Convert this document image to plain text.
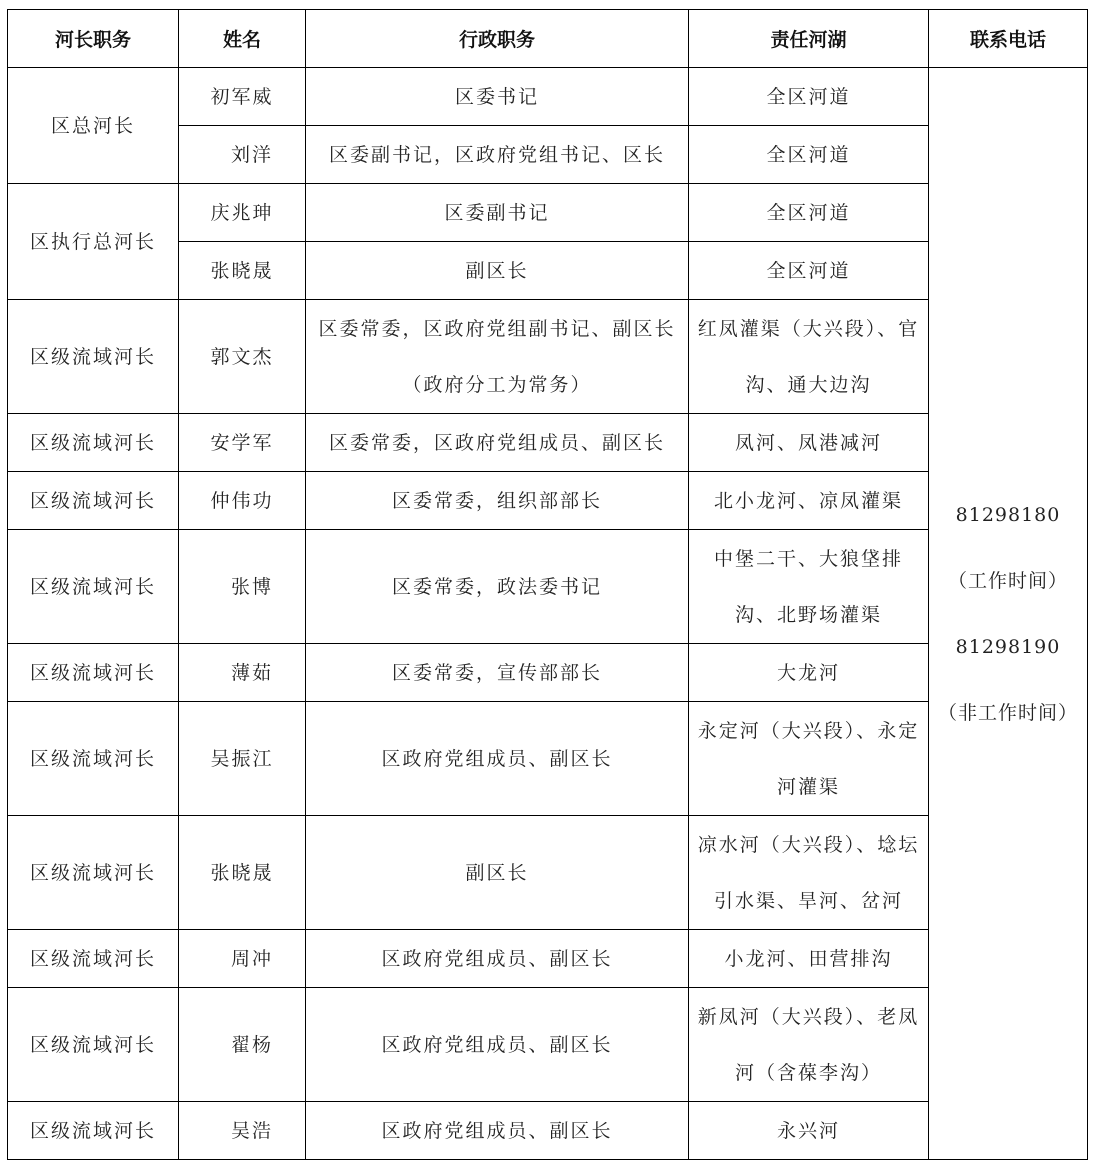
河长职务	姓名	行政职务	责任河湖	联系电话
区总河长	初军威	区委书记	全区河道	81298180
（工作时间）
81298190
（非工作时间）

	刘洋	区委副书记，区政府党组书记、区长	全区河道	
区执行总河长	庆兆珅	区委副书记	全区河道	
	张晓晟	副区长	全区河道	
区级流域河长	郭文杰	区委常委，区政府党组副书记、副区长（政府分工为常务）	红凤灌渠（大兴段）、官沟、通大边沟	
区级流域河长	安学军	区委常委，区政府党组成员、副区长	凤河、凤港减河	
区级流域河长	仲伟功	区委常委，组织部部长	北小龙河、凉凤灌渠	
区级流域河长	张博	区委常委，政法委书记	中堡二干、大狼垡排沟、北野场灌渠	
区级流域河长	薄茹	区委常委，宣传部部长	大龙河	
区级流域河长	吴振江	区政府党组成员、副区长	永定河（大兴段）、永定河灌渠	
区级流域河长	张晓晟	副区长	凉水河（大兴段）、埝坛引水渠、旱河、岔河	
区级流域河长	周冲	区政府党组成员、副区长	小龙河、田营排沟	
区级流域河长	翟杨	区政府党组成员、副区长	新凤河（大兴段）、老凤河（含葆李沟）	
区级流域河长	吴浩	区政府党组成员、副区长	永兴河	
